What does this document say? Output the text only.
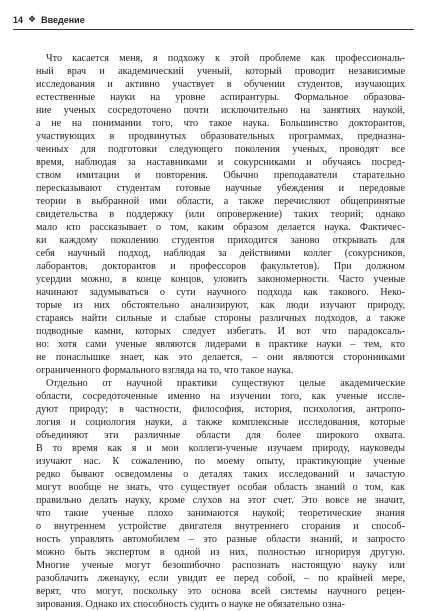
14 ❖ Введение
Что касается меня, я подхожу к этой проблеме как профессиональ-
ный врач и академический ученый, который проводит независимые
исследования и активно участвует в обучении студентов, изучающих
естественные науки на уровне аспирантуры. Формальное образова-
ние ученых сосредоточено почти исключительно на занятиях наукой,
а не на понимании того, что такое наука. Большинство докторантов,
участвующих в продвинутых образовательных программах, предназна-
ченных для подготовки следующего поколения ученых, проводят все
время, наблюдая за наставниками и сокурсниками и обучаясь посред-
ством имитации и повторения. Обычно преподаватели старательно
пересказывают студентам готовые научные убеждения и передовые
теории в выбранной ими области, а также перечисляют общепринятые
свидетельства в поддержку (или опровержение) таких теорий; однако
мало кто рассказывает о том, каким образом делается наука. Фактичес-
ки каждому поколению студентов приходится заново открывать для
себя научный подход, наблюдая за действиями коллег (сокурсников,
лаборантов, докторантов и профессоров факультетов). При должном
усердии можно, в конце концов, уловить закономерности. Часто ученые
начинают задумываться о сути научного подхода как такового. Неко-
торые из них обстоятельно анализируют, как люди изучают природу,
стараясь найти сильные и слабые стороны различных подходов, а также
подводные камни, которых следует избегать. И вот что парадоксаль-
но: хотя сами ученые являются лидерами в практике науки – тем, кто
не понаслышке знает, как это делается, – они являются сторонниками
ограниченного формального взгляда на то, что такое наука.
Отдельно от научной практики существуют целые академические
области, сосредоточенные именно на изучении того, как ученые иссле-
дуют природу; в частности, философия, история, психология, антропо-
логия и социология науки, а также комплексные исследования, которые
объединяют эти различные области для более широкого охвата.
В то время как я и мои коллеги-ученые изучаем природу, науковеды
изучают нас. К сожалению, по моему опыту, практикующие ученые
редко бывают осведомлены о деталях таких исследований и зачастую
могут вообще не знать, что существует особая область знаний о том, как
правильно делать науку, кроме слухов на этот счет. Это вовсе не значит,
что такие ученые плохо занимаются наукой; теоретические знания
о внутреннем устройстве двигателя внутреннего сгорания и способ-
ность управлять автомобилем – это разные области знаний, и запросто
можно быть экспертом в одной из них, полностью игнорируя другую.
Многие ученые могут безошибочно распознать настоящую науку или
разоблачить лженауку, если увидят ее перед собой, – по крайней мере,
верят, что могут, поскольку это основа всей системы научного рецен-
зирования. Однако их способность судить о науке не обязательно озна-
